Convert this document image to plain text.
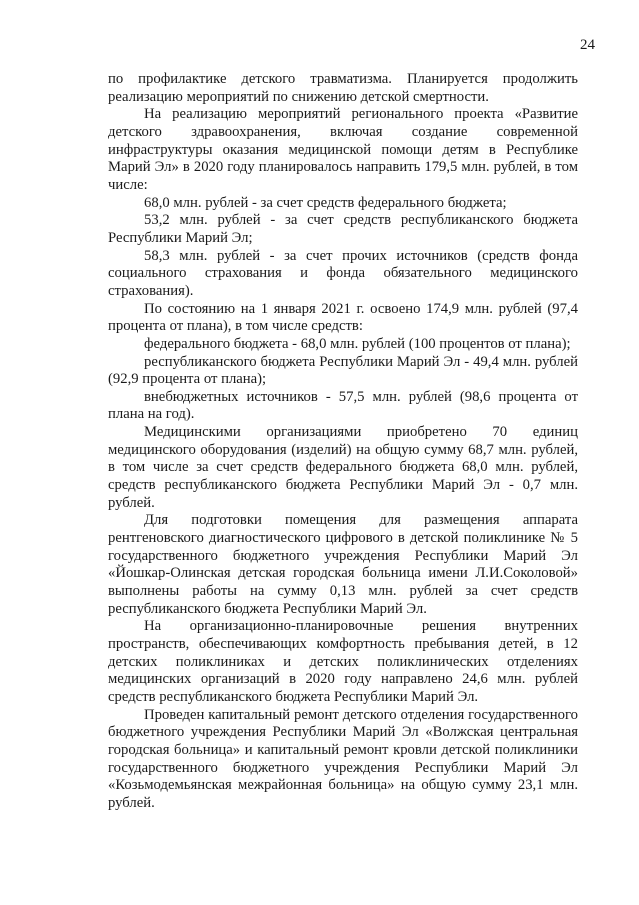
24

по профилактике детского травматизма. Планируется продолжить реализацию мероприятий по снижению детской смертности.

На реализацию мероприятий регионального проекта «Развитие детского здравоохранения, включая создание современной инфраструктуры оказания медицинской помощи детям в Республике Марий Эл» в 2020 году планировалось направить 179,5 млн. рублей, в том числе:

68,0 млн. рублей - за счет средств федерального бюджета;

53,2 млн. рублей - за счет средств республиканского бюджета Республики Марий Эл;

58,3 млн. рублей - за счет прочих источников (средств фонда социального страхования и фонда обязательного медицинского страхования).

По состоянию на 1 января 2021 г. освоено 174,9 млн. рублей (97,4 процента от плана), в том числе средств:

федерального бюджета - 68,0 млн. рублей (100 процентов от плана);

республиканского бюджета Республики Марий Эл - 49,4 млн. рублей (92,9 процента от плана);

внебюджетных источников - 57,5 млн. рублей (98,6 процента от плана на год).

Медицинскими организациями приобретено 70 единиц медицинского оборудования (изделий) на общую сумму 68,7 млн. рублей, в том числе за счет средств федерального бюджета 68,0 млн. рублей, средств республиканского бюджета Республики Марий Эл - 0,7 млн. рублей.

Для подготовки помещения для размещения аппарата рентгеновского диагностического цифрового в детской поликлинике № 5 государственного бюджетного учреждения Республики Марий Эл «Йошкар-Олинская детская городская больница имени Л.И.Соколовой» выполнены работы на сумму 0,13 млн. рублей за счет средств республиканского бюджета Республики Марий Эл.

На организационно-планировочные решения внутренних пространств, обеспечивающих комфортность пребывания детей, в 12 детских поликлиниках и детских поликлинических отделениях медицинских организаций в 2020 году направлено 24,6 млн. рублей средств республиканского бюджета Республики Марий Эл.

Проведен капитальный ремонт детского отделения государственного бюджетного учреждения Республики Марий Эл «Волжская центральная городская больница» и капитальный ремонт кровли детской поликлиники государственного бюджетного учреждения Республики Марий Эл «Козьмодемьянская межрайонная больница» на общую сумму 23,1 млн. рублей.
